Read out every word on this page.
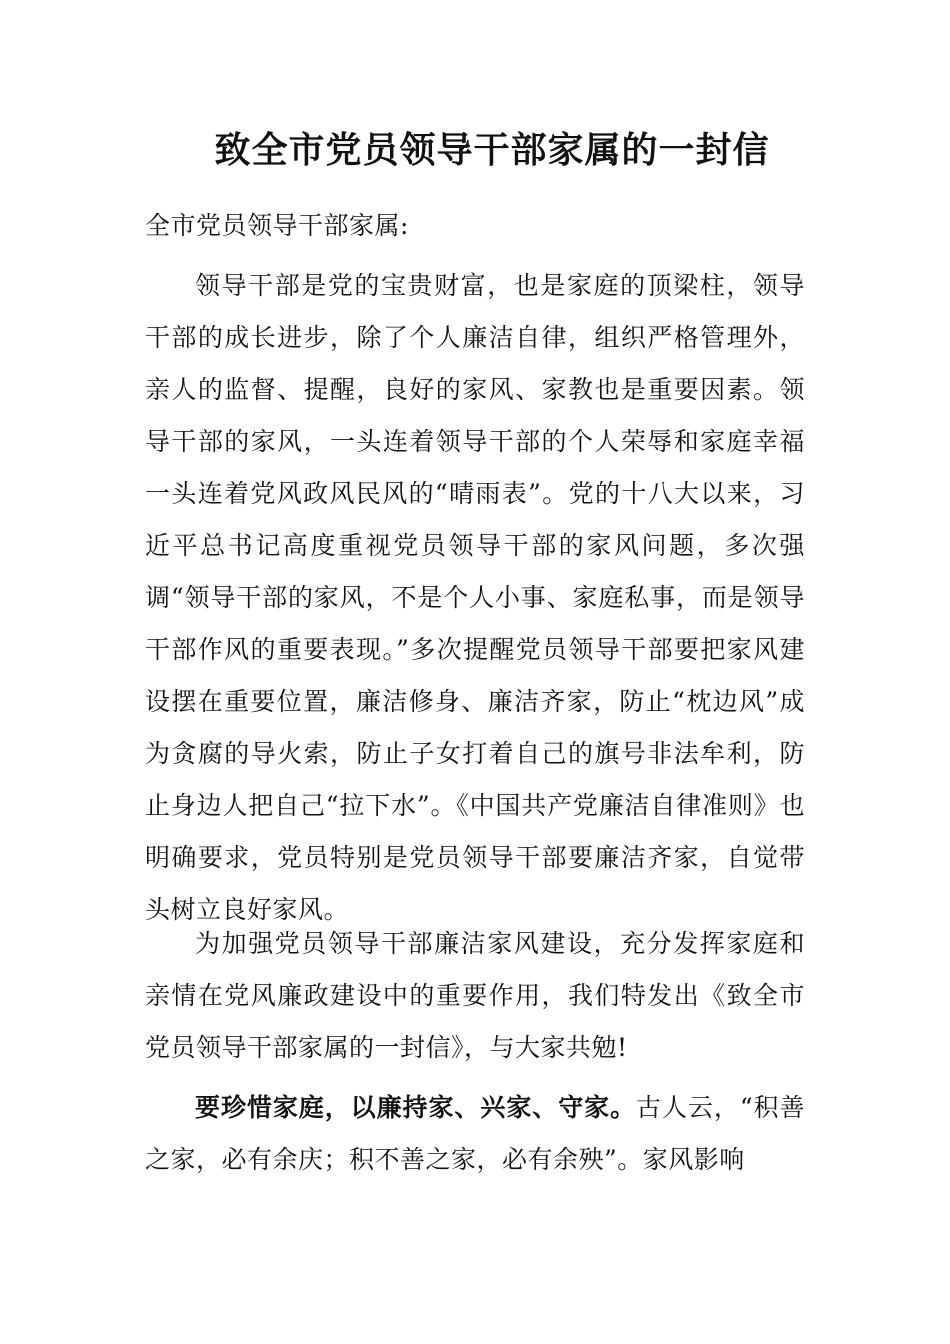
致全市党员领导干部家属的一封信

全市党员领导干部家属:

领导干部是党的宝贵财富，也是家庭的顶梁柱，领导干部的成长进步，除了个人廉洁自律，组织严格管理外，亲人的监督、提醒，良好的家风、家教也是重要因素。领导干部的家风，一头连着领导干部的个人荣辱和家庭幸福一头连着党风政风民风的“晴雨表”。党的十八大以来，习近平总书记高度重视党员领导干部的家风问题，多次强调“领导干部的家风，不是个人小事、家庭私事，而是领导干部作风的重要表现。”多次提醒党员领导干部要把家风建设摆在重要位置，廉洁修身、廉洁齐家，防止“枕边风”成为贪腐的导火索，防止子女打着自己的旗号非法牟利，防止身边人把自己“拉下水”。《中国共产党廉洁自律准则》也明确要求，党员特别是党员领导干部要廉洁齐家，自觉带头树立良好家风。

为加强党员领导干部廉洁家风建设，充分发挥家庭和亲情在党风廉政建设中的重要作用，我们特发出《致全市党员领导干部家属的一封信》，与大家共勉!

要珍惜家庭，以廉持家、兴家、守家。古人云，“积善之家，必有余庆；积不善之家，必有余殃”。家风影响
